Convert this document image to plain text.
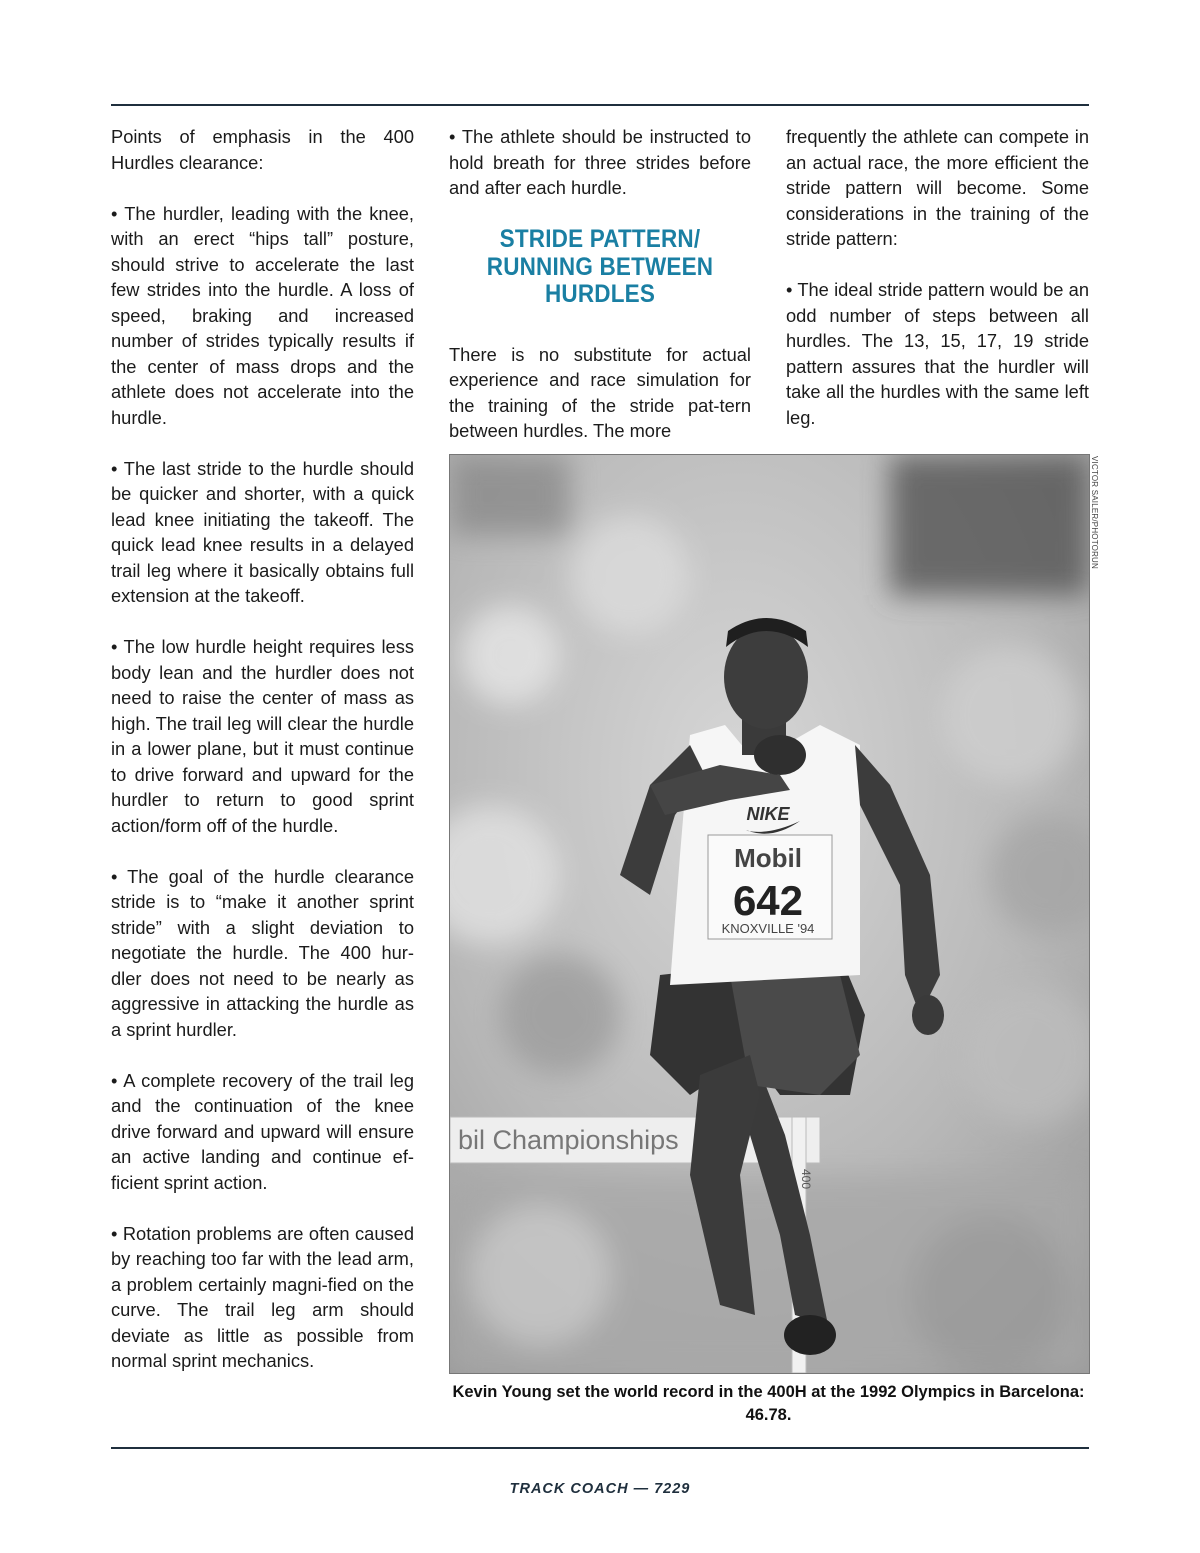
Points of emphasis in the 400 Hurdles clearance:

• The hurdler, leading with the knee, with an erect “hips tall” posture, should strive to accelerate the last few strides into the hurdle. A loss of speed, braking and increased number of strides typically results if the center of mass drops and the athlete does not accelerate into the hurdle.

• The last stride to the hurdle should be quicker and shorter, with a quick lead knee initiating the takeoff. The quick lead knee results in a delayed trail leg where it basically obtains full extension at the takeoff.

• The low hurdle height requires less body lean and the hurdler does not need to raise the center of mass as high. The trail leg will clear the hurdle in a lower plane, but it must continue to drive forward and upward for the hurdler to return to good sprint action/form off of the hurdle.

• The goal of the hurdle clearance stride is to “make it another sprint stride” with a slight deviation to negotiate the hurdle. The 400 hur-dler does not need to be nearly as aggressive in attacking the hurdle as a sprint hurdler.

• A complete recovery of the trail leg and the continuation of the knee drive forward and upward will ensure an active landing and continue ef-ficient sprint action.

• Rotation problems are often caused by reaching too far with the lead arm, a problem certainly magni-fied on the curve. The trail leg arm should deviate as little as possible from normal sprint mechanics.

• The athlete should be instructed to hold breath for three strides before and after each hurdle.

STRIDE PATTERN/
RUNNING BETWEEN
HURDLES

There is no substitute for actual experience and race simulation for the training of the stride pat-tern between hurdles. The more

frequently the athlete can compete in an actual race, the more efficient the stride pattern will become. Some considerations in the training of the stride pattern:

• The ideal stride pattern would be an odd number of steps between all hurdles. The 13, 15, 17, 19 stride pattern assures that the hurdler will take all the hurdles with the same left leg.

bil Championships
400
Mobil
642
KNOXVILLE '94
NIKE
VICTOR SAILER/PHOTORUN
Kevin Young set the world record in the 400H at the 1992 Olympics in Barcelona: 46.78.
TRACK COACH — 7229
